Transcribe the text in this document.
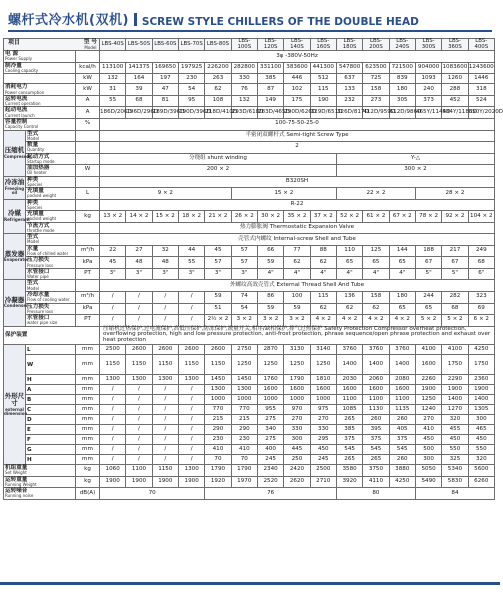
螺杆式冷水机(双机) SCREW STYLE CHILLERS OF THE DOUBLE HEAD
项目 型 号
Model			LBS-40S	LBS-50S	LBS-60S	LBS-70S	LBS-80S	LBS-100S	LBS-120S	LBS-140S	LBS-160S	LBS-180S	LBS-200S	LBS-240S	LBS-300S	LBS-360S	LBS-400S

电 源
Power Supply			3φ -380V-50Hz														

制冷量
Cooling capacity		kcal/h	113100	141375	169650	197925	226200	282800	331100	383600	441300	547800	623500	721500	904000	1083600	1243600

		kW	132	164	197	230	263	330	385	446	512	637	725	839	1093	1260	1446

消耗电力
Power consumption		kW	31	39	47	54	62	76	87	102	115	133	158	180	240	288	318

运转电流
Current operation		A	55	68	81	95	108	132	149	175	190	232	273	305	373	452	524

起动电流
Current launch		A	186D/206D	196D/296D	189D/396D	190D/396D	218D/410D	293D/618D	283D/465D	290D/626D	329D/651D	326D/817D	412D/959D	612D/986D	465Y/1144D	584Y/1183D	650Y/2020D

容量控制
Capacity Control		%	100-75-50-25-0														

压缩机
Compressor	型式
Model		半密闭双螺杆式 Semi-tight Screw Type														

	数量
Quantity		2														

	起动方式
Startup mode		分绕组 shunt winding									Y-△					

	油加热器
Oil heater	W	200 × 2									300 × 2					

冷冻油
Freezing oil	种类
Species		B320SH														

	充填量
packed weight	L	9 × 2					15 × 2				22 × 2			28 × 2		

冷媒
Refrigerant	种类
Species		R-22														

	充填量
packed weight	kg	13 × 2	14 × 2	15 × 2	18 × 2	21 × 2	26 × 2	30 × 2	35 × 2	37 × 2	52 × 2	61 × 2	67 × 2	78 × 2	92 × 2	104 × 2

	节流方式
throttle mode		热力膨胀阀 Thermostatic Expansion Valve														

蒸发器
Evaporator	型式
Model		壳管式内螺纹 Internal-screw Shell and Tube														

	水量
Flow of chilled water	m³/h	22	27	32	44	45	57	66	77	88	110	125	144	188	217	249

	压力损失
Pressure loss	kPa	45	48	48	55	57	57	59	62	62	65	65	65	67	67	68

	水管接口
Water pipe	PT	3"	3"	3"	3"	3"	3"	4"	4"	4"	4"	4"	4"	5"	5"	6"

冷凝器
Condenser	型式
Model		外螺纹高效壳管式 External Thread Shell And Tube														

	冷却水量
Flow of cooling water	m³/h	/	/	/	/	59	74	86	100	115	136	158	180	244	282	323

	压力损失
Pressure loss	kPa	/	/	/	/	51	54	59	59	62	62	62	65	65	68	69

	水管接口
water pipe size	PT	/	/	/	/	2½ × 2	3 × 2	3 × 2	3 × 2	4 × 2	4 × 2	4 × 2	4 × 2	5 × 2	5 × 2	6 × 2

保护装置			压缩机过热保护,过电流保护,高低压保护,防冻保护,流量开关,相序/缺相保护,排气过热保护 Safety Protection Compressor overheat protection, overflowing protection, high and low pressure protection, anti-frost protection, phrase sequence/open phrase protection and exhaust over heat protection														

外形尺寸
external dimension	L	mm	2500	2600	2600	2600	2600	2750	2870	3130	3140	3760	3760	3760	4100	4100	4250

	W	mm	1150	1150	1150	1150	1150	1250	1250	1250	1250	1400	1400	1400	1600	1750	1750

	H	mm	1300	1300	1300	1300	1450	1450	1760	1790	1810	2030	2060	2080	2260	2290	2360

	A	mm	/	/	/	/	1300	1300	1600	1600	1600	1600	1600	1600	1900	1900	1900

	B	mm	/	/	/	/	1000	1000	1000	1000	1000	1100	1100	1100	1250	1400	1400

	C	mm	/	/	/	/	770	770	955	970	975	1085	1130	1135	1240	1270	1305

	D	mm	/	/	/	/	215	215	275	270	270	265	260	260	270	320	300

	E	mm	/	/	/	/	290	290	340	330	330	385	395	405	410	455	465

	F	mm	/	/	/	/	230	230	275	300	295	375	375	375	450	450	450

	G	mm	/	/	/	/	410	410	400	445	450	545	545	545	500	550	550

	H	mm	/	/	/	/	70	70	245	250	245	265	265	260	300	325	320

机组重量
Set Weight		kg	1060	1100	1150	1300	1790	1790	2340	2420	2500	3580	3750	3880	5050	5340	5600

运转重量
Running Weight		kg	1900	1900	1900	1900	1920	1970	2520	2620	2710	3920	4110	4250	5490	5830	6260

运转噪音
Running noise		dB(A)	70				76					80			84		
